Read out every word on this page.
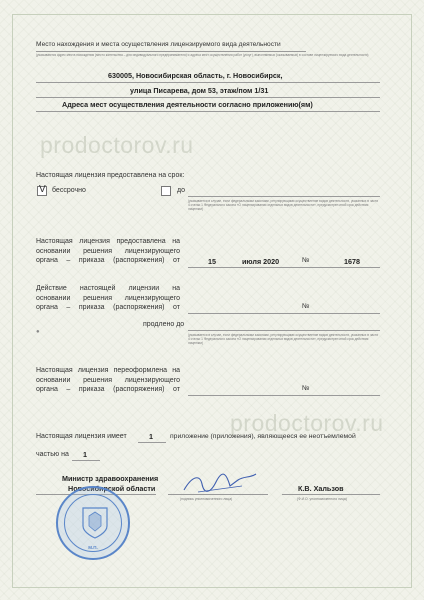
Место нахождения и места осуществления лицензируемого вида деятельности
(указываются адрес места нахождения (место жительства – для индивидуального предпринимателя) и адреса мест осуществления работ (услуг), выполняемых (оказываемых) в составе лицензируемого вида деятельности)
630005, Новосибирская область, г. Новосибирск,
улица Писарева, дом 53, этаж/пом 1/31
Адреса мест осуществления деятельности согласно приложению(ям)
prodoctorov.ru
Настоящая лицензия предоставлена на срок:
V бессрочно	до
(указывается в случае, если федеральными законами, регулирующими осуществление видов деятельности, указанных в части 4 статьи 1 Федерального закона «О лицензировании отдельных видов деятельности», предусмотрен иной срок действия лицензии)
Настоящая лицензия предоставлена на
основании решения лицензирующего
органа – приказа (распоряжения) от	15	июля 2020	№	1678
Действие настоящей лицензии на
основании решения лицензирующего
органа – приказа (распоряжения) от	№
●
продлено до
(указывается в случае, если федеральными законами, регулирующими осуществление видов деятельности, указанных в части 4 статьи 1 Федерального закона «О лицензировании отдельных видов деятельности», предусмотрен иной срок действия лицензии)
Настоящая лицензия переоформлена на
основании решения лицензирующего
органа – приказа (распоряжения) от	№
prodoctorov.ru
Настоящая лицензия имеет	1	приложение (приложения), являющееся ее неотъемлемой
частью на 1
Министр здравоохранения
Новосибирской области
(подпись уполномоченного лица)
К.В. Хальзов
(Ф.И.О. уполномоченного лица)
М.П.
